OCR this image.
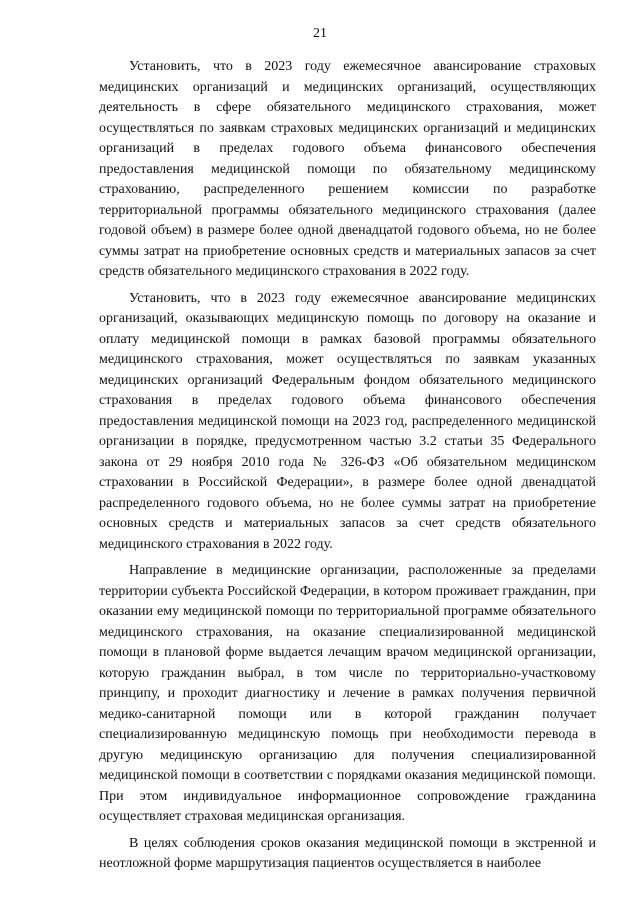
21

Установить, что в 2023 году ежемесячное авансирование страховых медицинских организаций и медицинских организаций, осуществляющих деятельность в сфере обязательного медицинского страхования, может осуществляться по заявкам страховых медицинских организаций и медицинских организаций в пределах годового объема финансового обеспечения предоставления медицинской помощи по обязательному медицинскому страхованию, распределенного решением комиссии по разработке территориальной программы обязательного медицинского страхования (далее годовой объем) в размере более одной двенадцатой годового объема, но не более суммы затрат на приобретение основных средств и материальных запасов за счет средств обязательного медицинского страхования в 2022 году.

Установить, что в 2023 году ежемесячное авансирование медицинских организаций, оказывающих медицинскую помощь по договору на оказание и оплату медицинской помощи в рамках базовой программы обязательного медицинского страхования, может осуществляться по заявкам указанных медицинских организаций Федеральным фондом обязательного медицинского страхования в пределах годового объема финансового обеспечения предоставления медицинской помощи на 2023 год, распределенного медицинской организации в порядке, предусмотренном частью 3.2 статьи 35 Федерального закона от 29 ноября 2010 года № 326-ФЗ «Об обязательном медицинском страховании в Российской Федерации», в размере более одной двенадцатой распределенного годового объема, но не более суммы затрат на приобретение основных средств и материальных запасов за счет средств обязательного медицинского страхования в 2022 году.

Направление в медицинские организации, расположенные за пределами территории субъекта Российской Федерации, в котором проживает гражданин, при оказании ему медицинской помощи по территориальной программе обязательного медицинского страхования, на оказание специализированной медицинской помощи в плановой форме выдается лечащим врачом медицинской организации, которую гражданин выбрал, в том числе по территориально-участковому принципу, и проходит диагностику и лечение в рамках получения первичной медико-санитарной помощи или в которой гражданин получает специализированную медицинскую помощь при необходимости перевода в другую медицинскую организацию для получения специализированной медицинской помощи в соответствии с порядками оказания медицинской помощи. При этом индивидуальное информационное сопровождение гражданина осуществляет страховая медицинская организация.

В целях соблюдения сроков оказания медицинской помощи в экстренной и неотложной форме маршрутизация пациентов осуществляется в наиболее
